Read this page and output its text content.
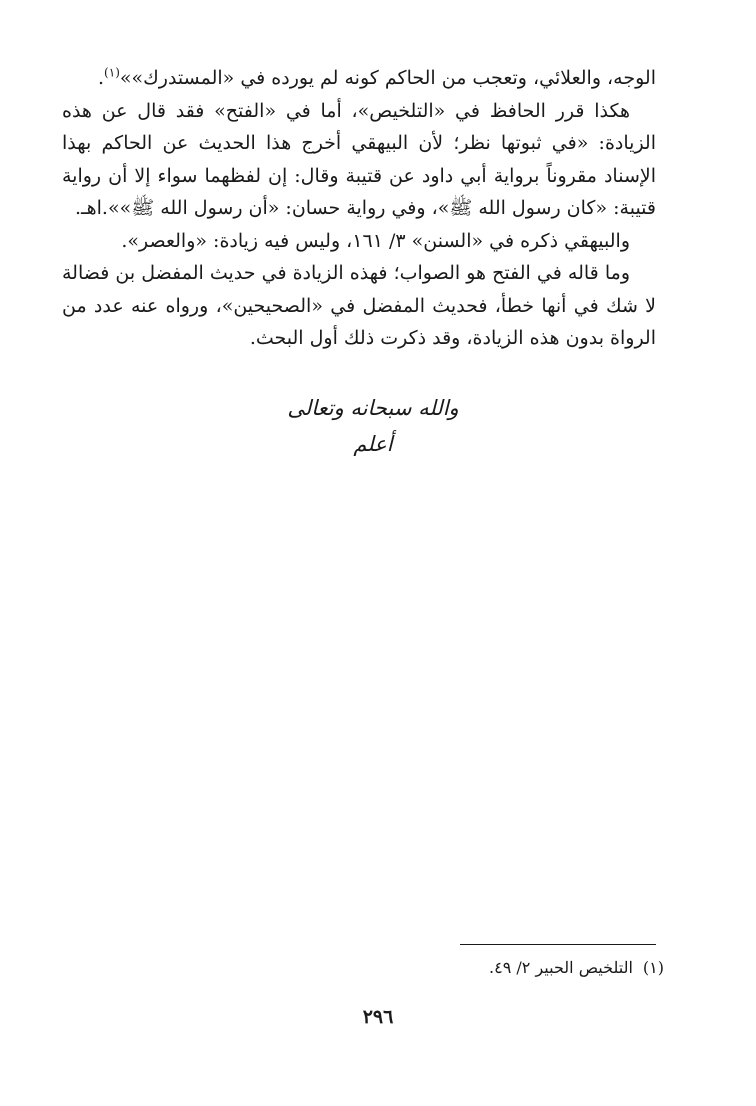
الوجه، والعلائي، وتعجب من الحاكم كونه لم يورده في «المستدرك»»$^{(١)}$.

هكذا قرر الحافظ في «التلخيص»، أما في «الفتح» فقد قال عن هذه الزيادة: «في ثبوتها نظر؛ لأن البيهقي أخرج هذا الحديث عن الحاكم بهذا الإسناد مقروناً برواية أبي داود عن قتيبة وقال: إن لفظهما سواء إلا أن رواية قتيبة: «كان رسول الله ﷺ»، وفي رواية حسان: «أن رسول الله ﷺ»».اهـ.

والبيهقي ذكره في «السنن» ٣/ ١٦١، وليس فيه زيادة: «والعصر».

وما قاله في الفتح هو الصواب؛ فهذه الزيادة في حديث المفضل بن فضالة لا شك في أنها خطأ، فحديث المفضل في «الصحيحين»، ورواه عنه عدد من الرواة بدون هذه الزيادة، وقد ذكرت ذلك أول البحث.

والله سبحانه وتعالى أعلم
(١)التلخيص الحبير ٢/ ٤٩.
٢٩٦
